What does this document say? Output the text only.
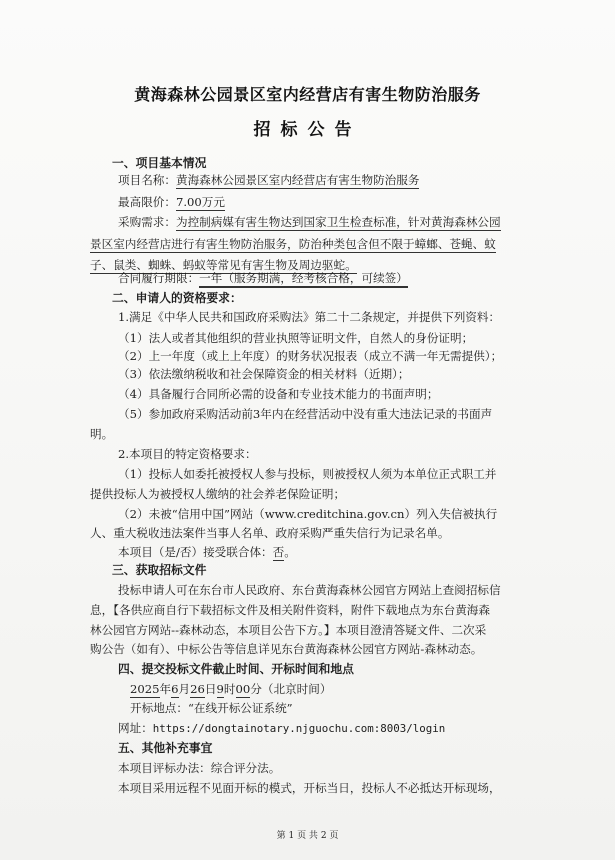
黄海森林公园景区室内经营店有害生物防治服务
招标公告
一、项目基本情况
项目名称：黄海森林公园景区室内经营店有害生物防治服务
最高限价：7.00万元
采购需求：为控制病媒有害生物达到国家卫生检查标准，针对黄海森林公园
景区室内经营店进行有害生物防治服务，防治种类包含但不限于蟑螂、苍蝇、蚊
子、鼠类、蜘蛛、蚂蚁等常见有害生物及周边驱蛇。
合同履行期限：一年（服务期满，经考核合格，可续签）
二、申请人的资格要求：
1.满足《中华人民共和国政府采购法》第二十二条规定，并提供下列资料：
（1）法人或者其他组织的营业执照等证明文件，自然人的身份证明；
（2）上一年度（或上上年度）的财务状况报表（成立不满一年无需提供）；
（3）依法缴纳税收和社会保障资金的相关材料（近期）；
（4）具备履行合同所必需的设备和专业技术能力的书面声明；
（5）参加政府采购活动前3年内在经营活动中没有重大违法记录的书面声
明。
2.本项目的特定资格要求：
（1）投标人如委托被授权人参与投标，则被授权人须为本单位正式职工并
提供投标人为被授权人缴纳的社会养老保险证明；
（2）未被“信用中国”网站（www.creditchina.gov.cn）列入失信被执行
人、重大税收违法案件当事人名单、政府采购严重失信行为记录名单。
本项目（是/否）接受联合体：否。
三、获取招标文件
投标申请人可在东台市人民政府、东台黄海森林公园官方网站上查阅招标信
息，【各供应商自行下载招标文件及相关附件资料，附件下载地点为东台黄海森
林公园官方网站--森林动态，本项目公告下方。】本项目澄清答疑文件、二次采
购公告（如有）、中标公告等信息详见东台黄海森林公园官方网站-森林动态。
四、提交投标文件截止时间、开标时间和地点
2025年6月26日9时00分（北京时间）
开标地点：“在线开标公证系统”
网址：https://dongtainotary.njguochu.com:8003/login
五、其他补充事宜
本项目评标办法：综合评分法。
本项目采用远程不见面开标的模式，开标当日，投标人不必抵达开标现场，
第 1 页 共 2 页
